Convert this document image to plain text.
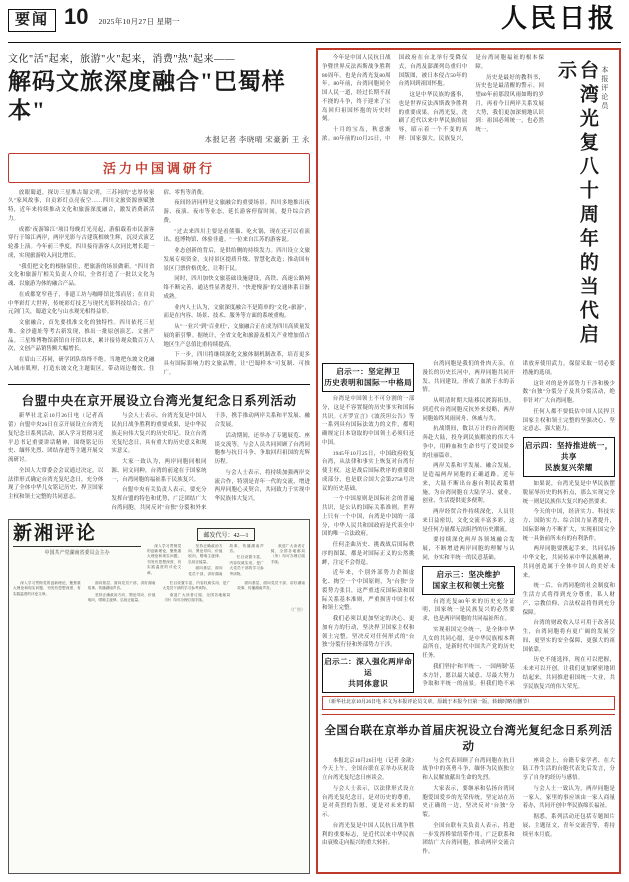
要闻 10 2025年10月27日 星期一	人民日报
文化"活"起来，旅游"火"起来，消费"热"起来——
解码文旅深度融合"巴蜀样本"
本报记者 李晓晴 宋豪新 王 永
活力中国调研行

放眼蜀道，探访三星堆古蜀文明，三苏祠的"忠厚传家久"家风故事，自贡彩灯点亮夜空……四川文旅资源禀赋独特，近年来持续推动文化和旅游深度融合，激发消费新活力。

成都"夜游锦江"项目每晚灯光亮起，游船载着市民游客穿行于锦江两岸，两岸光影与古建筑相映生辉，沉浸式演艺轮番上演。今年前三季度，四川接待游客人次同比增长超一成，实现旅游收入同比增长。

"我们把文化的根脉留住，把旅游的场景做新。"四川省文化和旅游厅相关负责人介绍，全省打造了一批以文化为魂、以旅游为体的融合产品。

在成都宽窄巷子，非遗工坊与咖啡馆比邻而居；在自贡中华彩灯大世界，传统彩灯技艺与现代光影科技结合；在广元剑门关，蜀道文化与山水观光相得益彰。

文旅融合，首先要找准文化的独特性。四川依托三星堆、金沙遗址等考古新发现，推出一批原创演艺、文创产品。三星堆博物馆新馆自开馆以来，累计接待观众数百万人次，文创产品销售额大幅增长。

在眉山三苏祠，研学团队络绎不绝。当地把东坡文化融入城市肌理，打造东坡文化主题街区，带动周边餐饮、住宿、零售等消费。

夜间经济同样是文旅融合的重要场景。四川多地推出夜游、夜演、夜市等业态，延长游客停留时间，提升综合消费。

"过去来四川主要是看熊猫、吃火锅，现在还可以看演出、逛博物馆、体验非遗。"一位来自江苏的游客说。

业态创新的背后，是供给侧的持续发力。四川设立文旅发展专项资金，支持景区提质升级、智慧化改造；推动国有景区门票价格优化，让利于民。

同时，四川加快文旅基础设施建设，高铁、高速公路网络不断完善，通达性显著提升，"快进慢游"的交通体系日渐成熟。

业内人士认为，文旅深度融合不是简单的"文化+旅游"，而是在内容、场景、技术、服务等方面的系统重构。

从"一业兴"到"百业旺"，文旅融合正在成为四川高质量发展的新引擎。据统计，全省文化和旅游及相关产业增加值占地区生产总值比重持续提高。

下一步，四川将继续深化文旅体制机制改革，培育更多具有国际影响力的文旅品牌，让"巴蜀样本"可复制、可推广。

台盟中央在京开展设立台湾光复纪念日系列活动

新华社北京10月26日电（记者高蕾）台盟中央26日在京开展设立台湾光复纪念日系列活动，深入学习贯彻习近平总书记重要讲话精神，围绕铭记历史、缅怀先烈、团结奋进等主题开展交流研讨。

全国人大常委会会议通过决定，以法律形式确定台湾光复纪念日，充分体现了全体中华儿女铭记历史、捍卫国家主权和领土完整的共同意志。

与会人士表示，台湾光复是中国人民抗日战争胜利的重要成果，是中华民族走向伟大复兴的历史印记。设立台湾光复纪念日，具有重大的历史意义和现实意义。

大家一致认为，两岸同胞同根同源、同文同种，台湾的前途在于国家统一，台湾同胞的福祉系于民族复兴。

台盟中央有关负责人表示，要充分发挥台盟的特色和优势，广泛团结广大台湾同胞，共同反对"台独"分裂和外来干涉，携手推动两岸关系和平发展、融合发展。

活动期间，还举办了专题展览、座谈交流等，与会人员共同回顾了台湾同胞参与抗日斗争、争取回归祖国的光辉历程。

与会人士表示，将持续加强两岸交流合作，特别是青年一代的交流，增进两岸同胞心灵契合，共同致力于实现中华民族伟大复兴。

新湘评论
中国共产党湖南省委员会主办
邮发代号：42—1

深入学习贯彻党的创新理论，聚焦重大理论和现实问题，刊发有思想深度、有实践温度的评论文章。

坚持正确政治方向、舆论导向、价值取向，唱响主旋律、弘扬正能量。

面向基层、面向党员干部，讲好湖南故事，传播湖南声音。

栏目设置丰富，内容权威实用，是广大党员干部的学习参考读物。

欢迎广大读者订阅，全国各地邮局（所）均可办理订阅手续。

深入学习贯彻党的创新理论，聚焦重大理论和现实问题，刊发有思想深度、有实践温度的评论文章。

面向基层、面向党员干部，讲好湖南故事，传播湖南声音。

坚持正确政治方向、舆论导向、价值取向，唱响主旋律、弘扬正能量。

栏目设置丰富，内容权威实用，是广大党员干部的学习参考读物。

欢迎广大读者订阅，全国各地邮局（所）均可办理订阅手续。

面向基层、面向党员干部，讲好湖南故事，传播湖南声音。

（广告）

今年是中国人民抗日战争暨世界反法西斯战争胜利80周年，也是台湾光复80周年。80年前，台湾同胞同全国人民一道，经过长期不屈不挠的斗争，终于迎来了宝岛回归祖国怀抱的历史时刻。

十月的宝岛，秋意渐浓。80年前的10月25日，中国政府在台北举行受降仪式，台湾及澎湖列岛重归中国版图，被日本侵占50年的台湾回到祖国怀抱。

这是中华民族的盛事，也是世界反法西斯战争胜利的重要成果。台湾光复，洗刷了近代以来中华民族的屈辱，昭示着一个不变的真理：国家强大，民族复兴，是台湾同胞福祉的根本保障。

历史是最好的教科书，历史也是最清醒的警示。回望80年前那段风雨如晦的岁月，再看今日两岸关系发展大势，我们更加深刻地认识到：祖国必须统一，也必然统一。	台湾光复八十周年的当代启示	本报评论员
启示一：坚定捍卫
历史表明和国际一中格局

台湾是中国领土不可分割的一部分，这是不容置疑的历史事实和国际共识。《开罗宣言》《波茨坦公告》等一系列具有国际法效力的文件，都明确规定日本窃取的中国领土必须归还中国。

1945年10月25日，中国政府收复台湾，从法律和事实上恢复对台湾行使主权。这是战后国际秩序的重要组成部分，也是联合国大会第2758号决议的历史基础。

一个中国原则是国际社会的普遍共识，是公认的国际关系准则。世界上只有一个中国，台湾是中国的一部分，中华人民共和国政府是代表全中国的唯一合法政府。

任何歪曲历史、挑战战后国际秩序的图谋，都是对国际正义的公然挑衅，注定不会得逞。

近年来，个别外部势力企图虚化、掏空一个中国原则，为"台独"分裂势力张目，这严重违反国际法和国际关系基本准则，严重损害中国主权和领土完整。

我们必须以更加坚定的决心、更加有力的行动，坚决捍卫国家主权和领土完整，坚决反对任何形式的"台独"分裂行径和外部势力干涉。

启示二：深入强化两岸命运
共同体意识

台湾同胞是我们的骨肉天亲。在漫长的历史长河中，两岸同胞共同开发、共同建设，形成了血浓于水的亲情。

从明清时期大陆移民渡海拓垦，到近代台湾同胞反抗外来侵略，两岸同胞始终风雨同舟、休戚与共。

抗战期间，数以万计的台湾同胞奔赴大陆，投身到民族解放的伟大斗争中，用鲜血和生命书写了爱国爱乡的壮丽篇章。

两岸关系和平发展、融合发展，是造福两岸同胞的正确道路。近年来，大陆不断出台惠台利民政策措施，为台湾同胞在大陆学习、就业、创业、生活提供更多便利。

两岸经贸合作持续深化，人员往来日益密切，文化交流丰富多彩，这是任何力量都无法阻挡的历史潮流。

要持续深化两岸各领域融合发展，不断增进两岸同胞的理解与认同，夯实和平统一的民意基础。

启示三：坚决维护
国家主权和领土完整

台湾光复80年来的历史充分证明，国家统一是民族复兴的必然要求，也是两岸同胞的共同福祉所在。

实现祖国完全统一，是全体中华儿女的共同心愿，是中华民族根本利益所在，是新时代中国共产党的历史任务。

我们坚持"和平统一、一国两制"基本方针，愿以最大诚意、尽最大努力争取和平统一的前景。但我们绝不承诺放弃使用武力，保留采取一切必要措施的选项。

这针对的是外部势力干涉和极少数"台独"分裂分子及其分裂活动，绝非针对广大台湾同胞。

任何人都不要低估中国人民捍卫国家主权和领土完整的坚强决心、坚定意志、强大能力。

启示四：坚持推进统一，共享
民族复兴荣耀

如果说，台湾光复是中华民族摆脱屈辱历史的转折点，那么实现完全统一则是民族伟大复兴的必然要求。

今天的中国，经济实力、科技实力、国防实力、综合国力显著提升，国际影响力不断扩大，实现祖国完全统一具备前所未有的有利条件。

两岸同胞要携起手来，共同弘扬中华文化，共同传承中华民族精神，共同创造属于全体中国人的美好未来。

统一后，台湾同胞的社会制度和生活方式将得到充分尊重，私人财产、宗教信仰、合法权益将得到充分保障。

台湾的财政收入尽可用于改善民生，台湾同胞将有更广阔的发展空间、更坚实的安全保障、更强大的祖国依靠。

历史不能选择，现在可以把握，未来可以开创。让我们更加紧密地团结起来，共同推进祖国统一大业，共享民族复兴的伟大荣光。

（新华社北京10月26日电 本文为本报评论员文章，原载于本报今日第一版，转载时略有删节）
全国台联在京举办首届庆祝设立台湾光复纪念日系列活动

本报北京10月26日电（记者 金歆）今天上午，全国台联在京举办庆祝设立台湾光复纪念日座谈会。

与会人士表示，以法律形式设立台湾光复纪念日，是对历史的尊重，是对英烈的告慰，更是对未来的昭示。

台湾光复是中国人民抗日战争胜利的重要标志，是近代以来中华民族由衰败走向振兴的重大转折。

与会代表回顾了台湾同胞在抗日战争中的英勇斗争，缅怀为民族独立和人民解放献出生命的先烈。

大家表示，要继承和弘扬台湾同胞爱国爱乡的光荣传统，坚定站在历史正确的一边，坚决反对"台独"分裂。

全国台联有关负责人表示，将进一步发挥桥梁纽带作用，广泛联系和团结广大台湾同胞，推动两岸交流合作。

座谈会上，台籍专家学者、在大陆工作生活的台胞代表先后发言，分享了自身的经历与感悟。

与会人士一致认为，两岸同胞是一家人，家里的事应该由一家人商量着办，共同开创中华民族绵长福祉。

据悉，系列活动还包括专题图片展、主题征文、青年交流营等，将持续至本月底。
